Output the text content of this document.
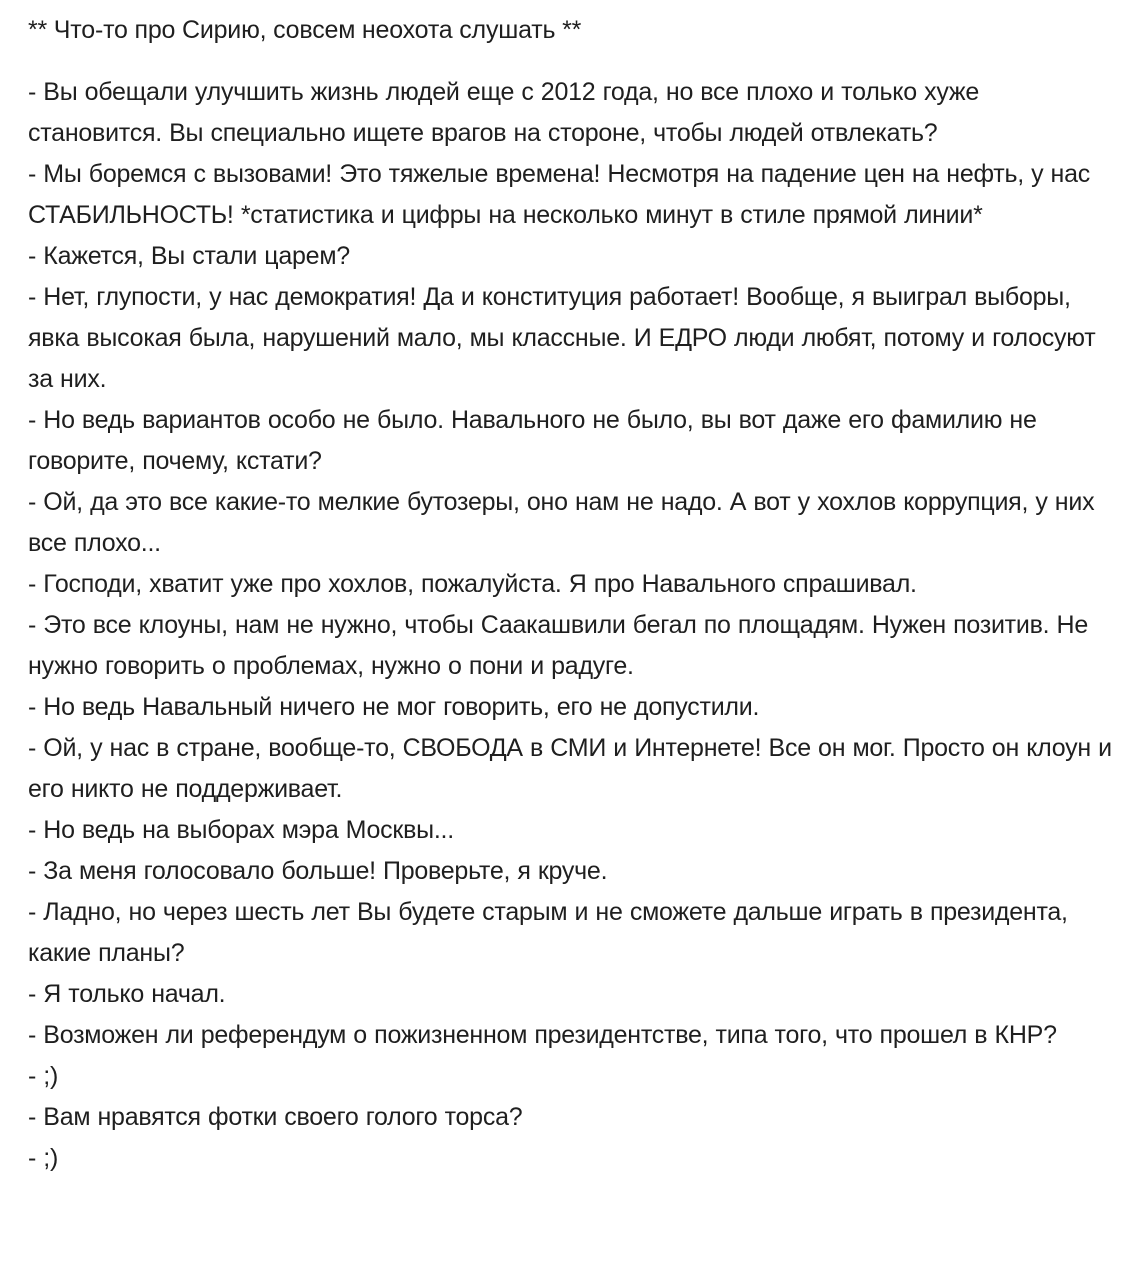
** Что-то про Сирию, совсем неохота слушать **
- Вы обещали улучшить жизнь людей еще с 2012 года, но все плохо и только хуже становится. Вы специально ищете врагов на стороне, чтобы людей отвлекать?
- Мы боремся с вызовами! Это тяжелые времена! Несмотря на падение цен на нефть, у нас СТАБИЛЬНОСТЬ! *статистика и цифры на несколько минут в стиле прямой линии*
- Кажется, Вы стали царем?
- Нет, глупости, у нас демократия! Да и конституция работает! Вообще, я выиграл выборы, явка высокая была, нарушений мало, мы классные. И ЕДРО люди любят, потому и голосуют за них.
- Но ведь вариантов особо не было. Навального не было, вы вот даже его фамилию не говорите, почему, кстати?
- Ой, да это все какие-то мелкие бутозеры, оно нам не надо. А вот у хохлов коррупция, у них все плохо...
- Господи, хватит уже про хохлов, пожалуйста. Я про Навального спрашивал.
- Это все клоуны, нам не нужно, чтобы Саакашвили бегал по площадям. Нужен позитив. Не нужно говорить о проблемах, нужно о пони и радуге.
- Но ведь Навальный ничего не мог говорить, его не допустили.
- Ой, у нас в стране, вообще-то, СВОБОДА в СМИ и Интернете! Все он мог. Просто он клоун и его никто не поддерживает.
- Но ведь на выборах мэра Москвы...
- За меня голосовало больше! Проверьте, я круче.
- Ладно, но через шесть лет Вы будете старым и не сможете дальше играть в президента, какие планы?
- Я только начал.
- Возможен ли референдум о пожизненном президентстве, типа того, что прошел в КНР?
- ;)
- Вам нравятся фотки своего голого торса?
- ;)
